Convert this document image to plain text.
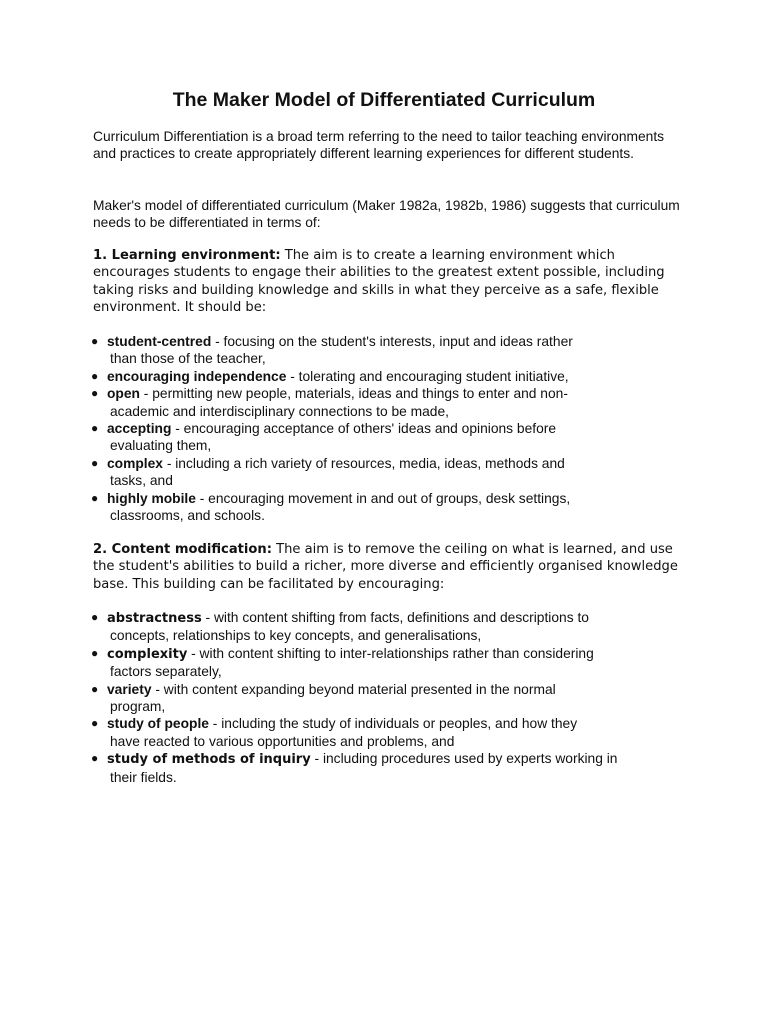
The Maker Model of Differentiated Curriculum

Curriculum Differentiation is a broad term referring to the need to tailor teaching environments and practices to create appropriately different learning experiences for different students.

Maker's model of differentiated curriculum (Maker 1982a, 1982b, 1986) suggests that curriculum needs to be differentiated in terms of:

1. Learning environment: The aim is to create a learning environment which encourages students to engage their abilities to the greatest extent possible, including taking risks and building knowledge and skills in what they perceive as a safe, flexible environment. It should be:

● student-centred - focusing on the student's interests, input and ideas rather
than those of the teacher,
● encouraging independence - tolerating and encouraging student initiative,
● open - permitting new people, materials, ideas and things to enter and non-
academic and interdisciplinary connections to be made,
● accepting - encouraging acceptance of others' ideas and opinions before
evaluating them,
● complex - including a rich variety of resources, media, ideas, methods and
tasks, and
● highly mobile - encouraging movement in and out of groups, desk settings,
classrooms, and schools.

2. Content modification: The aim is to remove the ceiling on what is learned, and use the student's abilities to build a richer, more diverse and efficiently organised knowledge base. This building can be facilitated by encouraging:

● abstractness - with content shifting from facts, definitions and descriptions to
concepts, relationships to key concepts, and generalisations,
● complexity - with content shifting to inter-relationships rather than considering
factors separately,
● variety - with content expanding beyond material presented in the normal
program,
● study of people - including the study of individuals or peoples, and how they
have reacted to various opportunities and problems, and
● study of methods of inquiry - including procedures used by experts working in
their fields.
